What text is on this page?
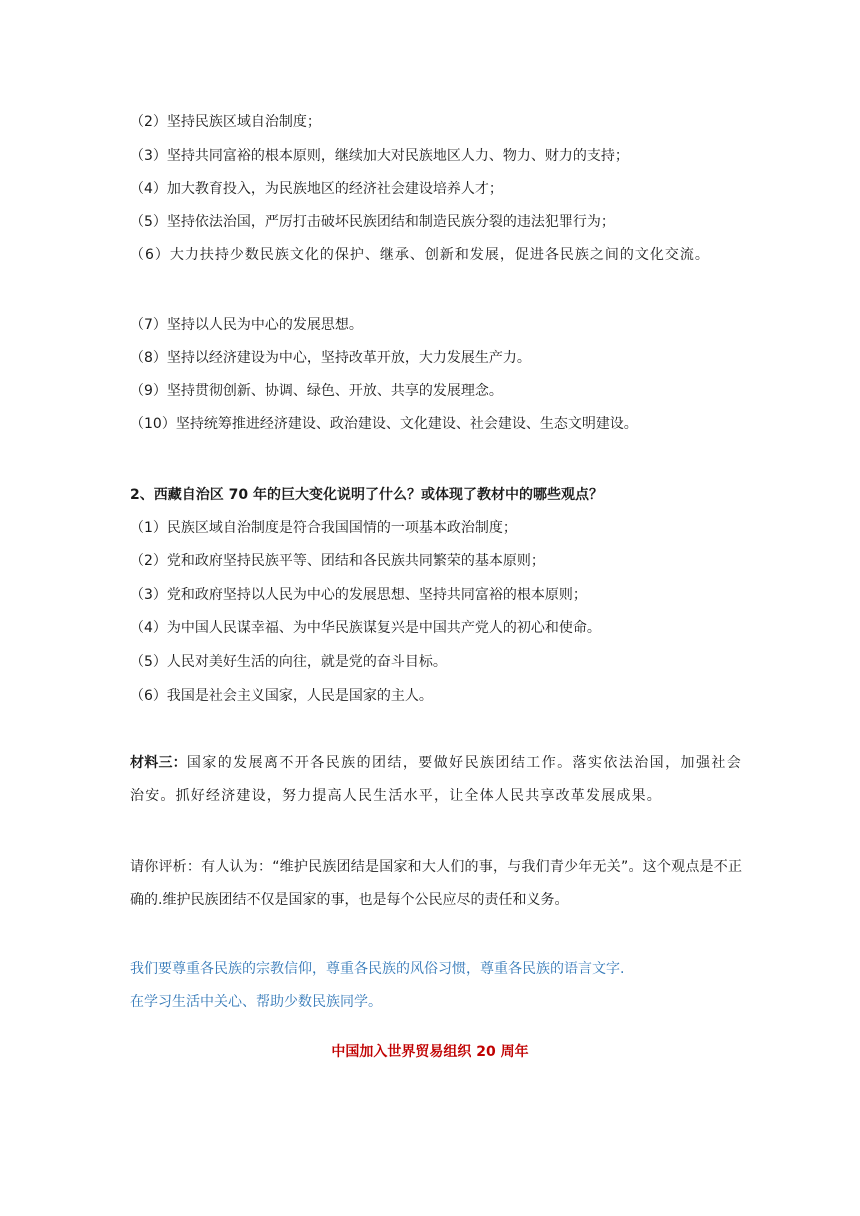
（2）坚持民族区域自治制度；
（3）坚持共同富裕的根本原则，继续加大对民族地区人力、物力、财力的支持；
（4）加大教育投入，为民族地区的经济社会建设培养人才；
（5）坚持依法治国，严厉打击破坏民族团结和制造民族分裂的违法犯罪行为；
（6）大力扶持少数民族文化的保护、继承、创新和发展，促进各民族之间的文化交流。
（7）坚持以人民为中心的发展思想。
（8）坚持以经济建设为中心，坚持改革开放，大力发展生产力。
（9）坚持贯彻创新、协调、绿色、开放、共享的发展理念。
（10）坚持统筹推进经济建设、政治建设、文化建设、社会建设、生态文明建设。
2、西藏自治区 70 年的巨大变化说明了什么？或体现了教材中的哪些观点？
（1）民族区域自治制度是符合我国国情的一项基本政治制度；
（2）党和政府坚持民族平等、团结和各民族共同繁荣的基本原则；
（3）党和政府坚持以人民为中心的发展思想、坚持共同富裕的根本原则；
（4）为中国人民谋幸福、为中华民族谋复兴是中国共产党人的初心和使命。
（5）人民对美好生活的向往，就是党的奋斗目标。
（6）我国是社会主义国家，人民是国家的主人。
材料三：国家的发展离不开各民族的团结，要做好民族团结工作。落实依法治国，加强社会治安。抓好经济建设，努力提高人民生活水平，让全体人民共享改革发展成果。
请你评析：有人认为：“维护民族团结是国家和大人们的事，与我们青少年无关”。这个观点是不正确的.维护民族团结不仅是国家的事，也是每个公民应尽的责任和义务。
我们要尊重各民族的宗教信仰，尊重各民族的风俗习惯，尊重各民族的语言文字.
在学习生活中关心、帮助少数民族同学。
中国加入世界贸易组织 20 周年
